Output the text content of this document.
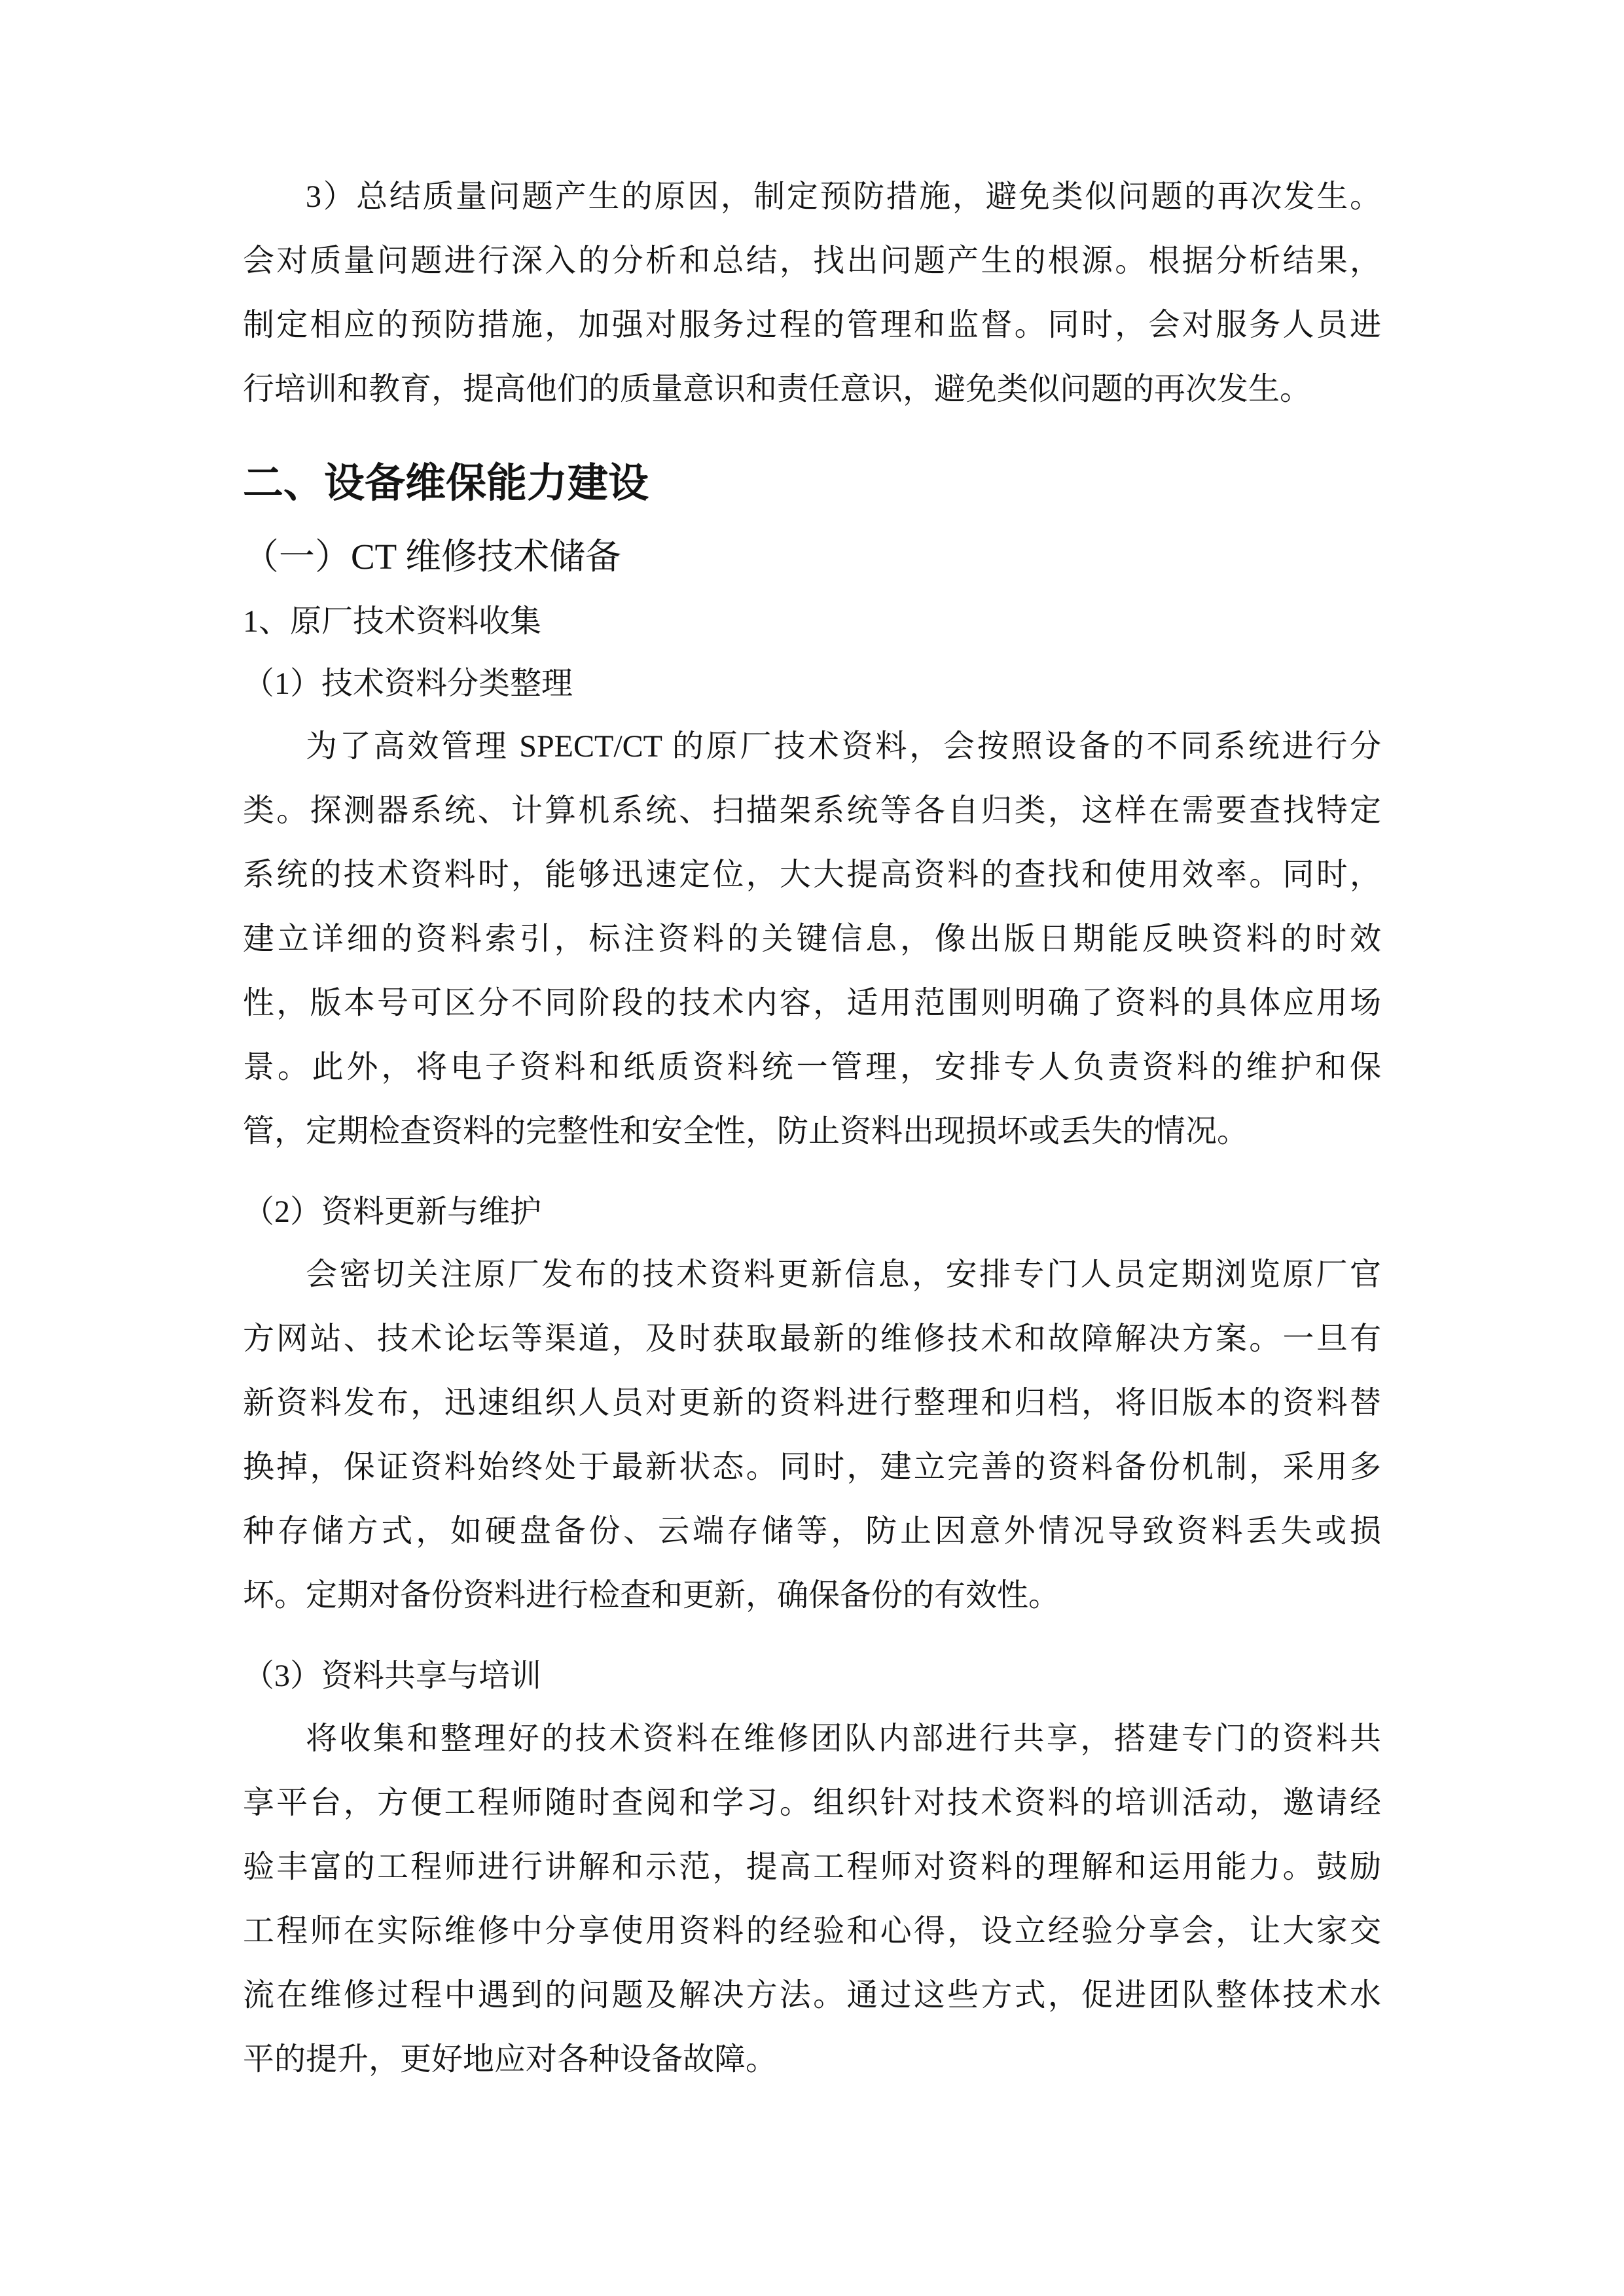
3）总结质量问题产生的原因，制定预防措施，避免类似问题的再次发生。
会对质量问题进行深入的分析和总结，找出问题产生的根源。根据分析结果，
制定相应的预防措施，加强对服务过程的管理和监督。同时，会对服务人员进
行培训和教育，提高他们的质量意识和责任意识，避免类似问题的再次发生。
二、设备维保能力建设
（一）CT 维修技术储备
1、原厂技术资料收集
（1）技术资料分类整理
为了高效管理 SPECT/CT 的原厂技术资料，会按照设备的不同系统进行分
类。探测器系统、计算机系统、扫描架系统等各自归类，这样在需要查找特定
系统的技术资料时，能够迅速定位，大大提高资料的查找和使用效率。同时，
建立详细的资料索引，标注资料的关键信息，像出版日期能反映资料的时效
性，版本号可区分不同阶段的技术内容，适用范围则明确了资料的具体应用场
景。此外，将电子资料和纸质资料统一管理，安排专人负责资料的维护和保
管，定期检查资料的完整性和安全性，防止资料出现损坏或丢失的情况。
（2）资料更新与维护
会密切关注原厂发布的技术资料更新信息，安排专门人员定期浏览原厂官
方网站、技术论坛等渠道，及时获取最新的维修技术和故障解决方案。一旦有
新资料发布，迅速组织人员对更新的资料进行整理和归档，将旧版本的资料替
换掉，保证资料始终处于最新状态。同时，建立完善的资料备份机制，采用多
种存储方式，如硬盘备份、云端存储等，防止因意外情况导致资料丢失或损
坏。定期对备份资料进行检查和更新，确保备份的有效性。
（3）资料共享与培训
将收集和整理好的技术资料在维修团队内部进行共享，搭建专门的资料共
享平台，方便工程师随时查阅和学习。组织针对技术资料的培训活动，邀请经
验丰富的工程师进行讲解和示范，提高工程师对资料的理解和运用能力。鼓励
工程师在实际维修中分享使用资料的经验和心得，设立经验分享会，让大家交
流在维修过程中遇到的问题及解决方法。通过这些方式，促进团队整体技术水
平的提升，更好地应对各种设备故障。
